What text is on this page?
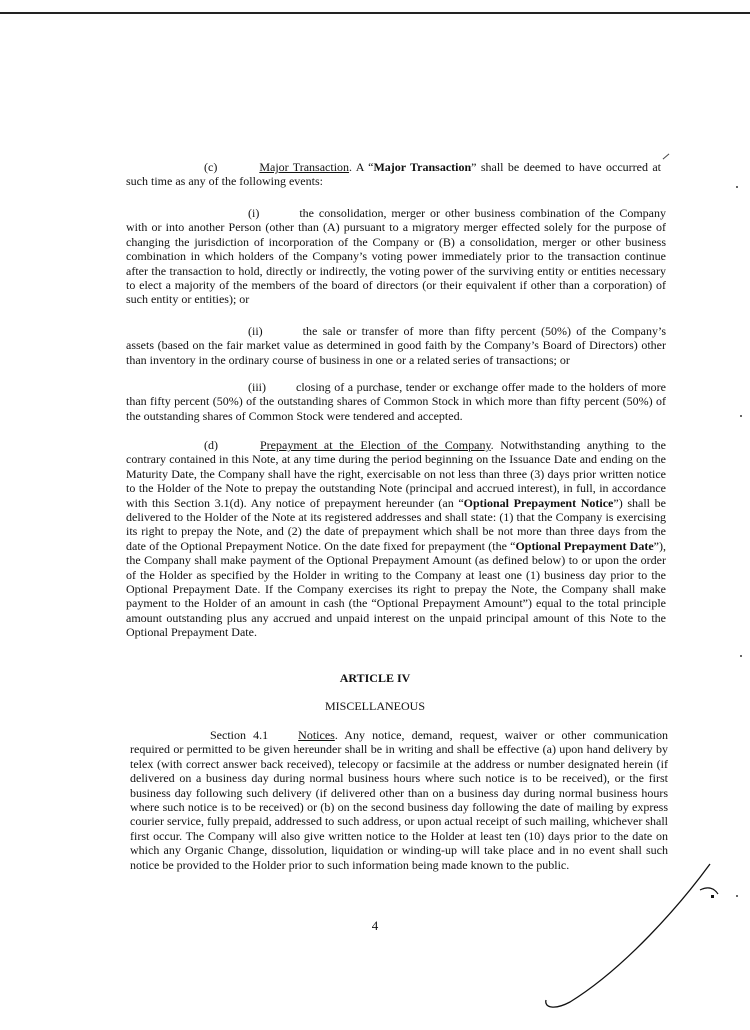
(c)	Major Transaction. A “Major Transaction” shall be deemed to have occurred at such time as any of the following events:
(i)	the consolidation, merger or other business combination of the Company with or into another Person (other than (A) pursuant to a migratory merger effected solely for the purpose of changing the jurisdiction of incorporation of the Company or (B) a consolidation, merger or other business combination in which holders of the Company’s voting power immediately prior to the transaction continue after the transaction to hold, directly or indirectly, the voting power of the surviving entity or entities necessary to elect a majority of the members of the board of directors (or their equivalent if other than a corporation) of such entity or entities); or
(ii)	the sale or transfer of more than fifty percent (50%) of the Company’s assets (based on the fair market value as determined in good faith by the Company’s Board of Directors) other than inventory in the ordinary course of business in one or a related series of transactions; or
(iii)	closing of a purchase, tender or exchange offer made to the holders of more than fifty percent (50%) of the outstanding shares of Common Stock in which more than fifty percent (50%) of the outstanding shares of Common Stock were tendered and accepted.
(d)	Prepayment at the Election of the Company. Notwithstanding anything to the contrary contained in this Note, at any time during the period beginning on the Issuance Date and ending on the Maturity Date, the Company shall have the right, exercisable on not less than three (3) days prior written notice to the Holder of the Note to prepay the outstanding Note (principal and accrued interest), in full, in accordance with this Section 3.1(d). Any notice of prepayment hereunder (an “Optional Prepayment Notice”) shall be delivered to the Holder of the Note at its registered addresses and shall state: (1) that the Company is exercising its right to prepay the Note, and (2) the date of prepayment which shall be not more than three days from the date of the Optional Prepayment Notice. On the date fixed for prepayment (the “Optional Prepayment Date”), the Company shall make payment of the Optional Prepayment Amount (as defined below) to or upon the order of the Holder as specified by the Holder in writing to the Company at least one (1) business day prior to the Optional Prepayment Date. If the Company exercises its right to prepay the Note, the Company shall make payment to the Holder of an amount in cash (the “Optional Prepayment Amount”) equal to the total principle amount outstanding plus any accrued and unpaid interest on the unpaid principal amount of this Note to the Optional Prepayment Date.
ARTICLE IV
MISCELLANEOUS
Section 4.1	Notices. Any notice, demand, request, waiver or other communication required or permitted to be given hereunder shall be in writing and shall be effective (a) upon hand delivery by telex (with correct answer back received), telecopy or facsimile at the address or number designated herein (if delivered on a business day during normal business hours where such notice is to be received), or the first business day following such delivery (if delivered other than on a business day during normal business hours where such notice is to be received) or (b) on the second business day following the date of mailing by express courier service, fully prepaid, addressed to such address, or upon actual receipt of such mailing, whichever shall first occur. The Company will also give written notice to the Holder at least ten (10) days prior to the date on which any Organic Change, dissolution, liquidation or winding-up will take place and in no event shall such notice be provided to the Holder prior to such information being made known to the public.
4
